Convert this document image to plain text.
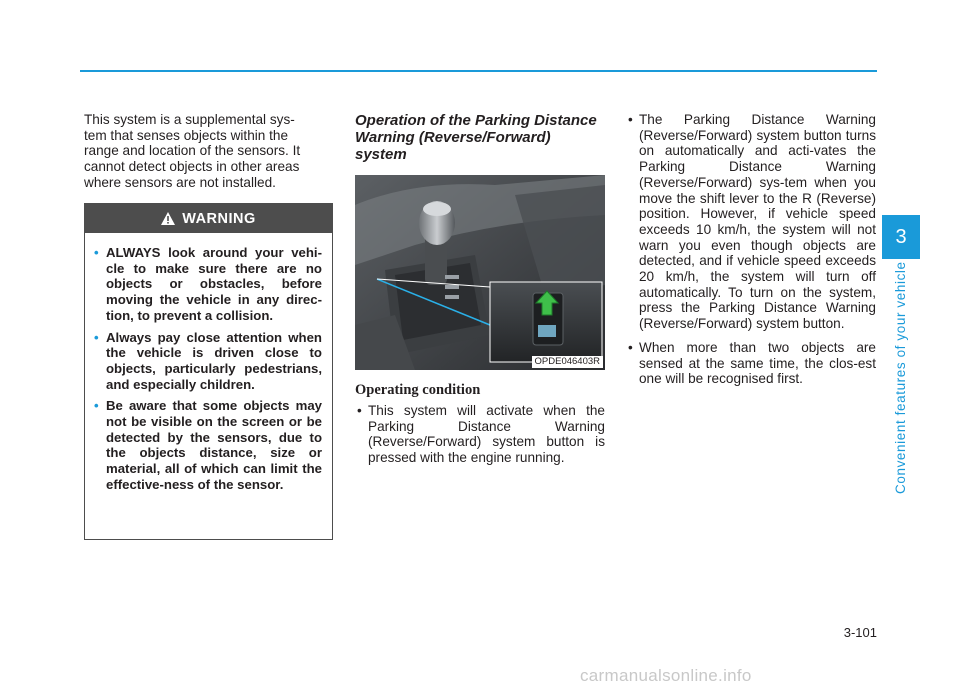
This system is a supplemental sys-
tem that senses objects within the
range and location of the sensors. It
cannot detect objects in other areas
where sensors are not installed.

WARNING
• ALWAYS look around your vehi-cle to make sure there are no objects or obstacles, before moving the vehicle in any direc-tion, to prevent a collision.
• Always pay close attention when the vehicle is driven close to objects, particularly pedestrians, and especially children.
• Be aware that some objects may not be visible on the screen or be detected by the sensors, due to the objects distance, size or material, all of which can limit the effective-ness of the sensor.
Operation of the Parking Distance Warning (Reverse/Forward) system
OPDE046403R
Operating condition
• This system will activate when the Parking Distance Warning (Reverse/Forward) system button is pressed with the engine running.
• The Parking Distance Warning (Reverse/Forward) system button turns on automatically and acti-vates the Parking Distance Warning (Reverse/Forward) sys-tem when you move the shift lever to the R (Reverse) position. However, if vehicle speed exceeds 10 km/h, the system will not warn you even though objects are detected, and if vehicle speed exceeds 20 km/h, the system will turn off automatically. To turn on the system, press the Parking Distance Warning (Reverse/Forward) system button.
• When more than two objects are sensed at the same time, the clos-est one will be recognised first.
3
Convenient features of your vehicle
3-101
carmanualsonline.info
